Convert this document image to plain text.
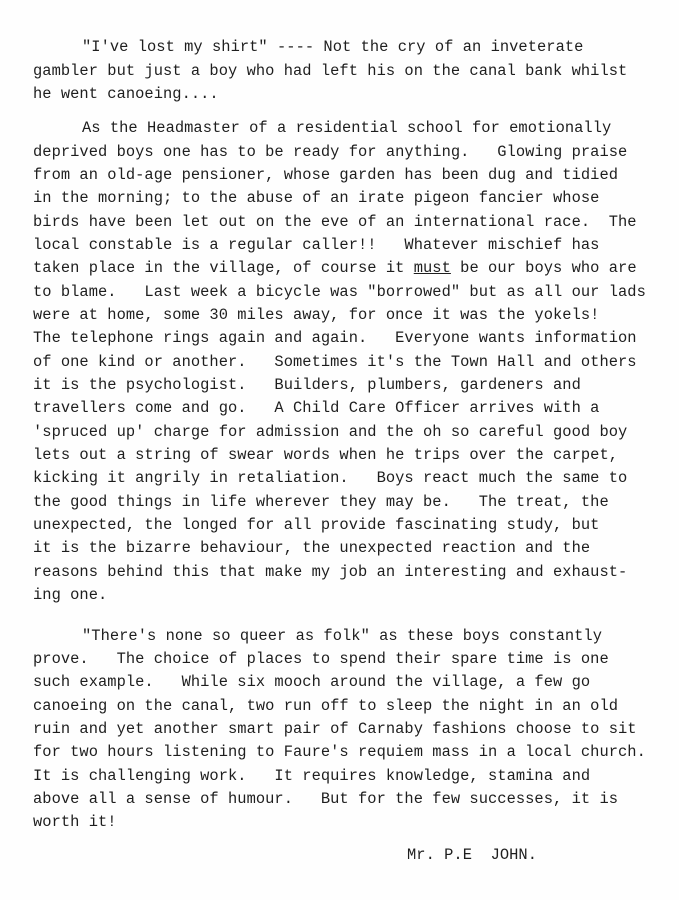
"I've lost my shirt" ---- Not the cry of an inveterate
gambler but just a boy who had left his on the canal bank whilst
he went canoeing....
As the Headmaster of a residential school for emotionally
deprived boys one has to be ready for anything.   Glowing praise
from an old-age pensioner, whose garden has been dug and tidied
in the morning; to the abuse of an irate pigeon fancier whose
birds have been let out on the eve of an international race.  The
local constable is a regular caller!!   Whatever mischief has
taken place in the village, of course it must be our boys who are
to blame.   Last week a bicycle was "borrowed" but as all our lads
were at home, some 30 miles away, for once it was the yokels!
The telephone rings again and again.   Everyone wants information
of one kind or another.   Sometimes it's the Town Hall and others
it is the psychologist.   Builders, plumbers, gardeners and
travellers come and go.   A Child Care Officer arrives with a
'spruced up' charge for admission and the oh so careful good boy
lets out a string of swear words when he trips over the carpet,
kicking it angrily in retaliation.   Boys react much the same to
the good things in life wherever they may be.   The treat, the
unexpected, the longed for all provide fascinating study, but
it is the bizarre behaviour, the unexpected reaction and the
reasons behind this that make my job an interesting and exhaust-
ing one.
"There's none so queer as folk" as these boys constantly
prove.   The choice of places to spend their spare time is one
such example.   While six mooch around the village, a few go
canoeing on the canal, two run off to sleep the night in an old
ruin and yet another smart pair of Carnaby fashions choose to sit
for two hours listening to Faure's requiem mass in a local church.
It is challenging work.   It requires knowledge, stamina and
above all a sense of humour.   But for the few successes, it is
worth it!
Mr. P.E  JOHN.
